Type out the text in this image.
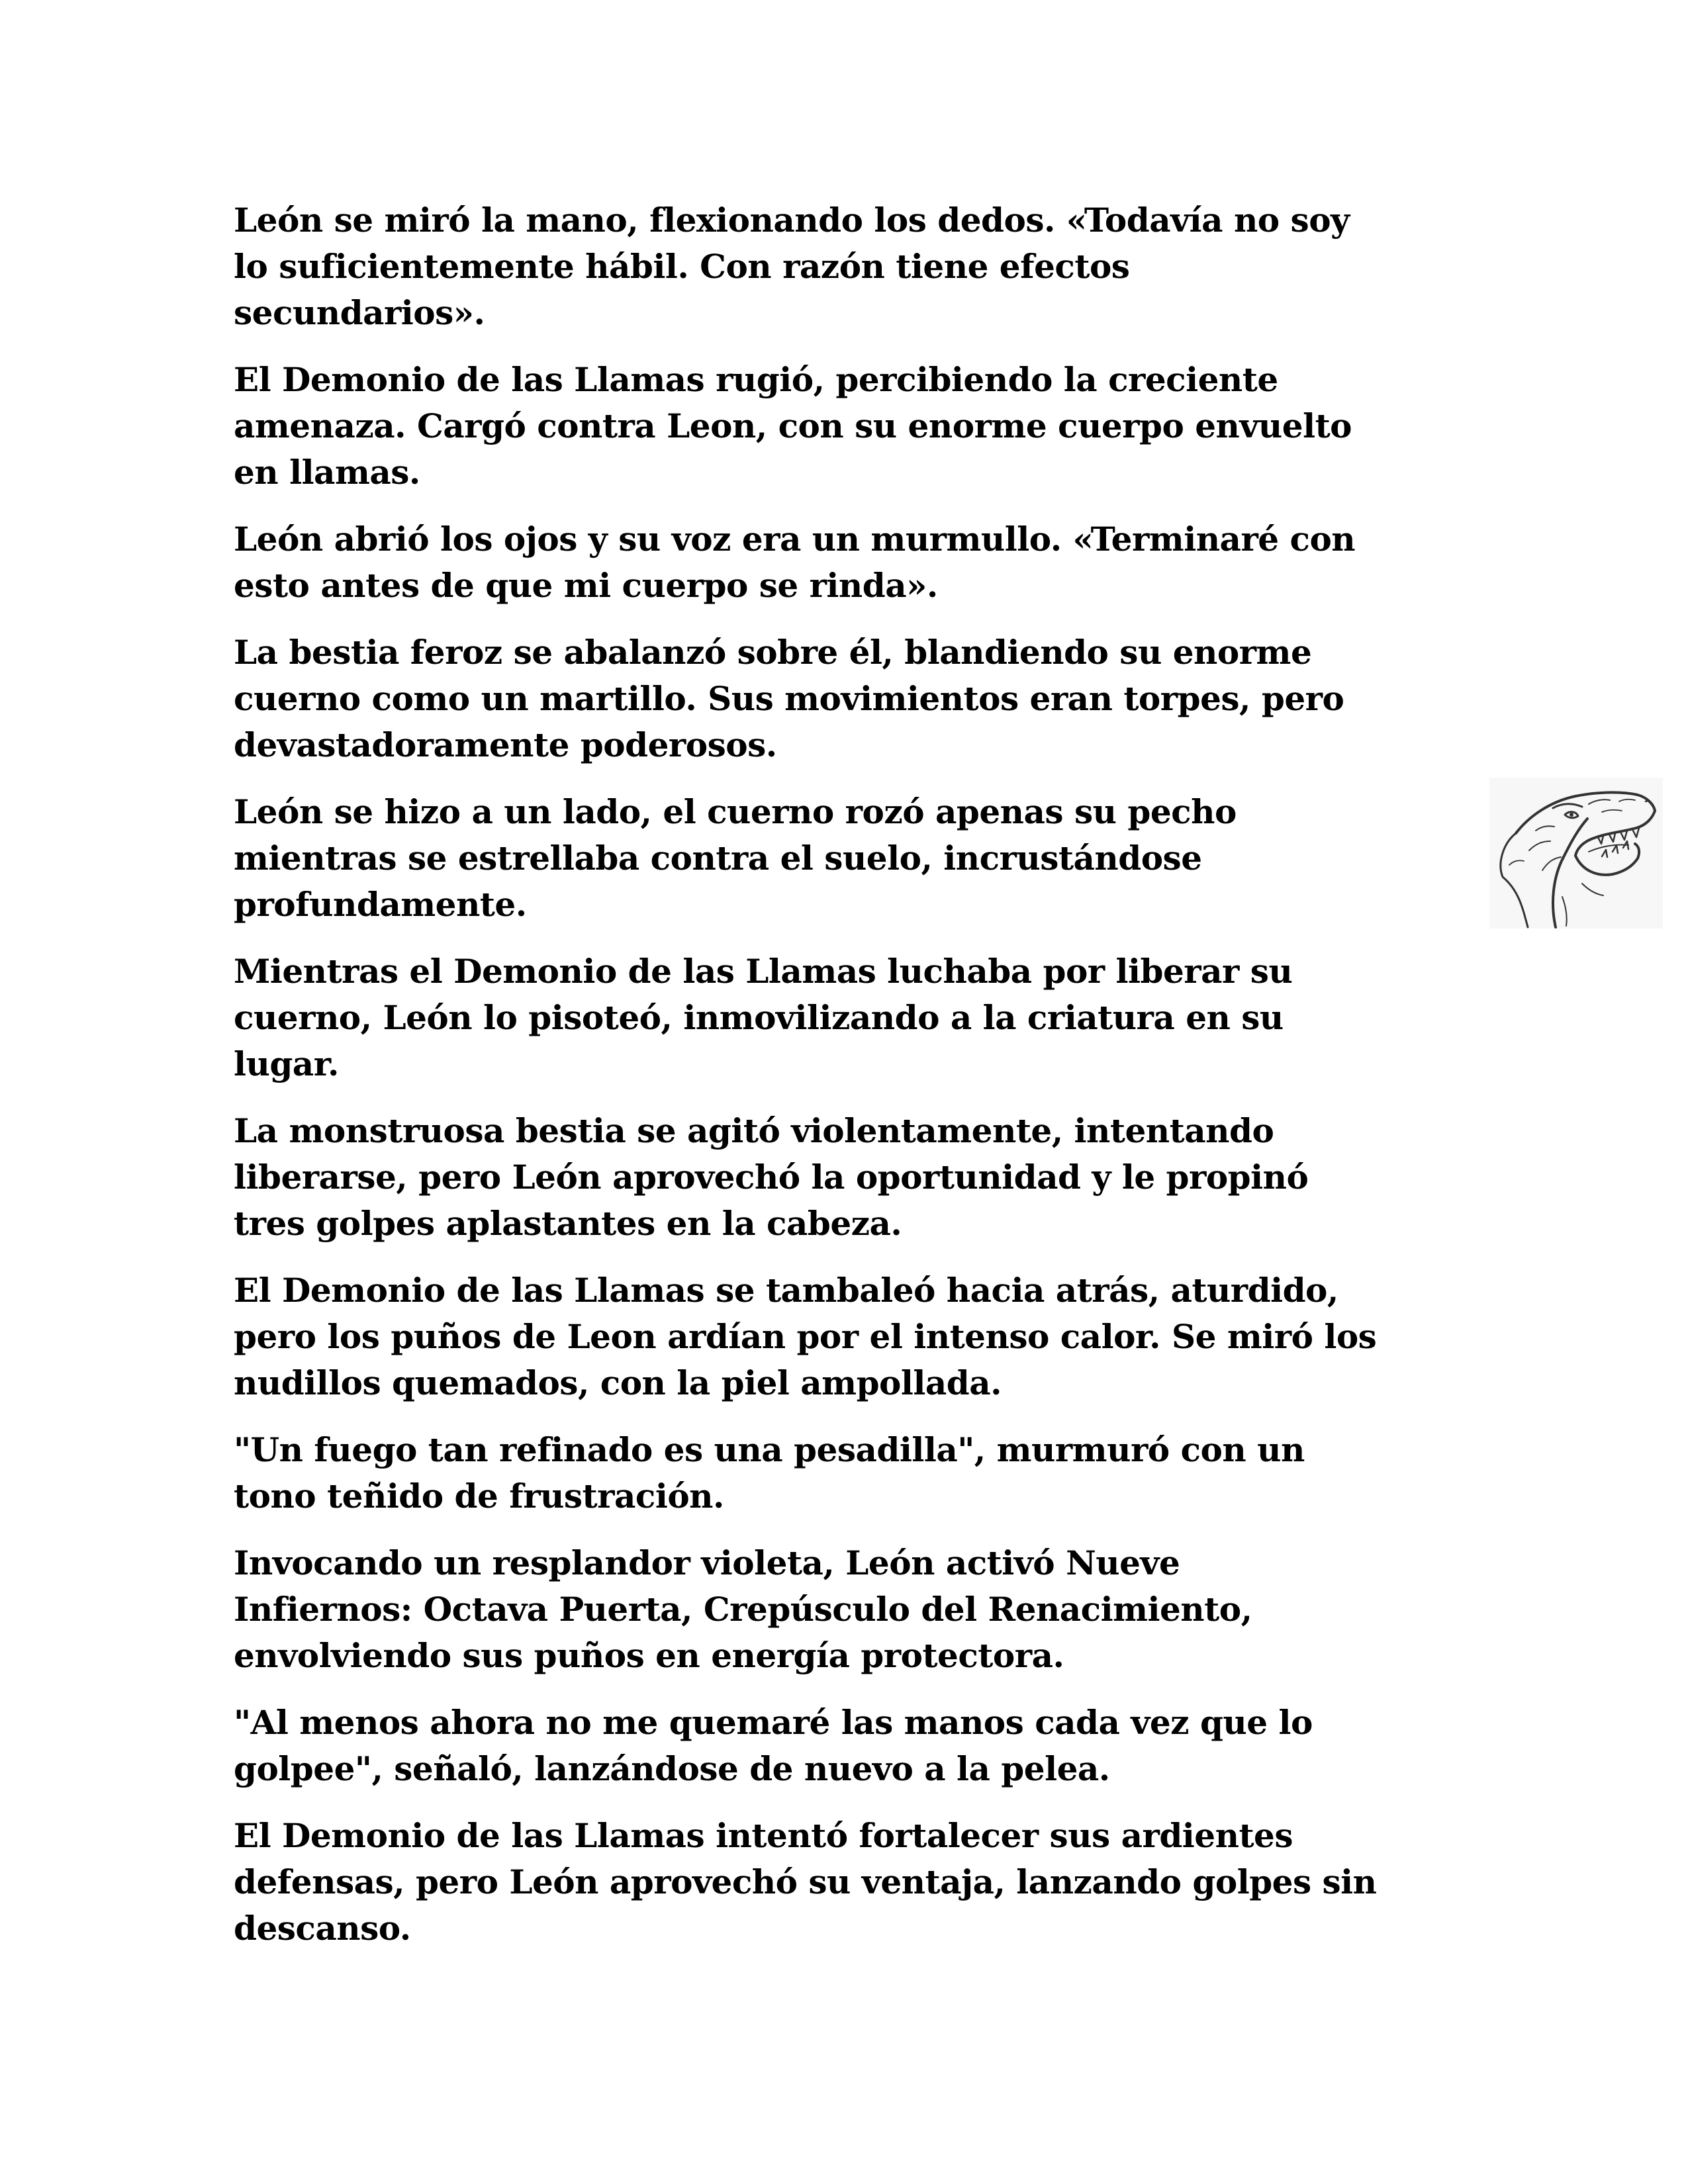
León se miró la mano, flexionando los dedos. «Todavía no soy
lo suficientemente hábil. Con razón tiene efectos
secundarios».

El Demonio de las Llamas rugió, percibiendo la creciente
amenaza. Cargó contra Leon, con su enorme cuerpo envuelto
en llamas.

León abrió los ojos y su voz era un murmullo. «Terminaré con
esto antes de que mi cuerpo se rinda».

La bestia feroz se abalanzó sobre él, blandiendo su enorme
cuerno como un martillo. Sus movimientos eran torpes, pero
devastadoramente poderosos.

León se hizo a un lado, el cuerno rozó apenas su pecho
mientras se estrellaba contra el suelo, incrustándose
profundamente.

Mientras el Demonio de las Llamas luchaba por liberar su
cuerno, León lo pisoteó, inmovilizando a la criatura en su
lugar.

La monstruosa bestia se agitó violentamente, intentando
liberarse, pero León aprovechó la oportunidad y le propinó
tres golpes aplastantes en la cabeza.

El Demonio de las Llamas se tambaleó hacia atrás, aturdido,
pero los puños de Leon ardían por el intenso calor. Se miró los
nudillos quemados, con la piel ampollada.

"Un fuego tan refinado es una pesadilla", murmuró con un
tono teñido de frustración.

Invocando un resplandor violeta, León activó Nueve
Infiernos: Octava Puerta, Crepúsculo del Renacimiento,
envolviendo sus puños en energía protectora.

"Al menos ahora no me quemaré las manos cada vez que lo
golpee", señaló, lanzándose de nuevo a la pelea.

El Demonio de las Llamas intentó fortalecer sus ardientes
defensas, pero León aprovechó su ventaja, lanzando golpes sin
descanso.
